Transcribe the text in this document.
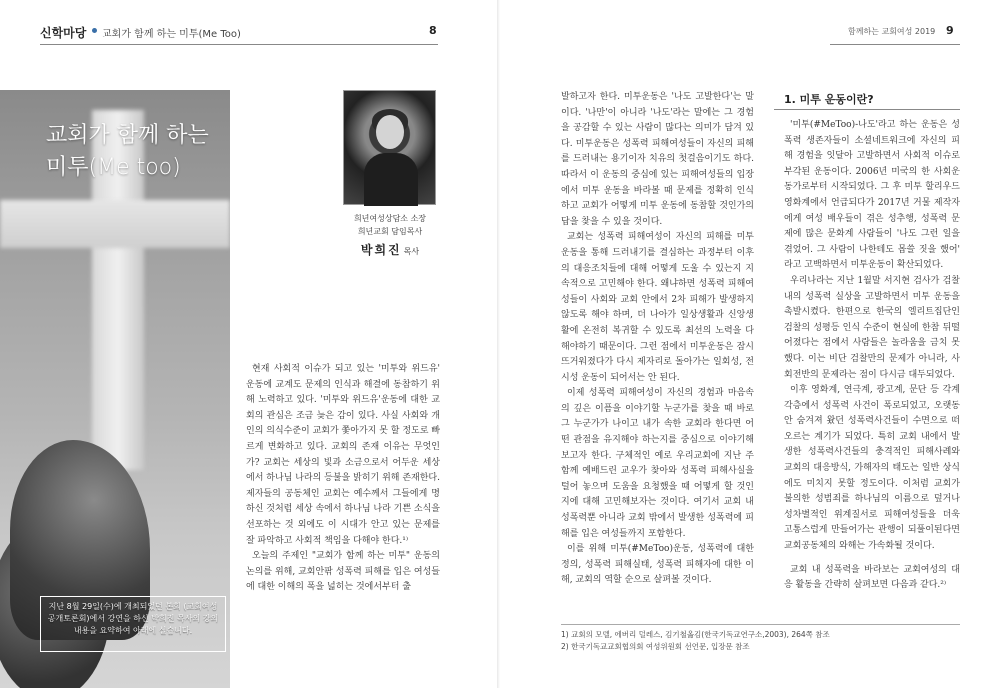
신학마당 교회가 함께 하는 미투(Me Too)	8
교회가 함께 하는
미투(Me too)
지난 8월 29일(수)에 개최되었던 본회 (교회여성공개토론회)에서 강연을 하신 박희진 목사의 강의 내용을 요약하여 아래에 실습니다.
희년여성상담소 소장
희년교회 담임목사
박희진 목사

현재 사회적 이슈가 되고 있는 '미투와 위드유' 운동에 교계도 문제의 인식과 해결에 동참하기 위해 노력하고 있다. '미투와 위드유'운동에 대한 교회의 관심은 조금 늦은 감이 있다. 사실 사회와 개인의 의식수준이 교회가 쫓아가지 못 할 정도로 빠르게 변화하고 있다. 교회의 존재 이유는 무엇인가? 교회는 세상의 빛과 소금으로서 어두운 세상에서 하나님 나라의 등불을 밝히기 위해 존재한다. 제자들의 공동체인 교회는 예수께서 그들에게 명하신 것처럼 세상 속에서 하나님 나라 기쁜 소식을 선포하는 것 외에도 이 시대가 안고 있는 문제를 잘 파악하고 사회적 책임을 다해야 한다.¹⁾

오늘의 주제인 "교회가 함께 하는 미투" 운동의 논의를 위해, 교회안팎 성폭력 피해를 입은 여성들에 대한 이해의 폭을 넓히는 것에서부터 출

함께하는 교회여성 2019 9

발하고자 한다. 미투운동은 '나도 고발한다'는 말이다. '나만'이 아니라 '나도'라는 말에는 그 경험을 공감할 수 있는 사람이 많다는 의미가 담겨 있다. 미투운동은 성폭력 피해여성들이 자신의 피해를 드러내는 용기이자 치유의 첫걸음이기도 하다. 따라서 이 운동의 중심에 있는 피해여성들의 입장에서 미투 운동을 바라볼 때 문제를 정확히 인식하고 교회가 어떻게 미투 운동에 동참할 것인가의 답을 찾을 수 있을 것이다.

교회는 성폭력 피해여성이 자신의 피해를 미투운동을 통해 드러내기를 결심하는 과정부터 이후의 대응조치들에 대해 어떻게 도울 수 있는지 지속적으로 고민해야 한다. 왜냐하면 성폭력 피해여성들이 사회와 교회 안에서 2차 피해가 발생하지 않도록 해야 하며, 더 나아가 일상생활과 신앙생활에 온전히 복귀할 수 있도록 최선의 노력을 다해야하기 때문이다. 그런 점에서 미투운동은 잠시 뜨거워졌다가 다시 제자리로 돌아가는 일회성, 전시성 운동이 되어서는 안 된다.

이제 성폭력 피해여성이 자신의 경험과 마음속의 깊은 이픔을 이야기할 누군가를 찾을 때 바로 그 누군가가 나이고 내가 속한 교회라 한다면 어떤 관점을 유지해야 하는지를 중심으로 이야기해보고자 한다. 구체적인 예로 우리교회에 지난 주 함께 예배드린 교우가 찾아와 성폭력 피해사실을 털어 놓으며 도움을 요청했을 때 어떻게 할 것인지에 대해 고민해보자는 것이다. 여기서 교회 내 성폭력뿐 아니라 교회 밖에서 발생한 성폭력에 피해를 입은 여성들까지 포함한다.

이를 위해 미투(#MeToo)운동, 성폭력에 대한 정의, 성폭력 피해실태, 성폭력 피해자에 대한 이해, 교회의 역할 순으로 살펴볼 것이다.

1. 미투 운동이란?

'미투(#MeToo)-나도'라고 하는 운동은 성폭력 생존자들이 소셜네트워크에 자신의 피해 경험을 잇달아 고발하면서 사회적 이슈로 부각된 운동이다. 2006년 미국의 한 사회운동가로부터 시작되었다. 그 후 미투 할리우드 영화계에서 언급되다가 2017년 거물 제작자에게 여성 배우들이 겪은 성추행, 성폭력 문제에 많은 문화계 사람들이 '나도 그런 일을 겪었어. 그 사람이 나한테도 몹쓸 짓을 했어' 라고 고백하면서 미투운동이 확산되었다.

우리나라는 지난 1월말 서지현 검사가 검찰 내의 성폭력 실상을 고발하면서 미투 운동을 촉발시켰다. 한편으로 한국의 엘리트집단인 검찰의 성평등 인식 수준이 현실에 한참 뒤떨어졌다는 점에서 사람들은 놀라움을 금치 못했다. 이는 비단 검찰만의 문제가 아니라, 사회전반의 문제라는 점이 다시금 대두되었다.

이후 영화계, 연극계, 광고계, 문단 등 각계 각층에서 성폭력 사건이 폭로되었고, 오랫동안 숨겨져 왔던 성폭력사건들이 수면으로 떠오르는 계기가 되었다. 특히 교회 내에서 발생한 성폭력사건들의 충격적인 피해사례와 교회의 대응방식, 가해자의 태도는 일반 상식에도 미치지 못할 정도이다. 이처럼 교회가 불의한 성범죄를 하나님의 이름으로 덮거나 성차별적인 위계질서로 피해여성들을 더욱 고통스럽게 만들어가는 관행이 되풀이된다면 교회공동체의 와해는 가속화될 것이다.

교회 내 성폭력을 바라보는 교회여성의 대응 활동을 간략히 살펴보면 다음과 같다.²⁾

1) 교회의 모델, 에버리 덜레스, 김기철옮김(한국기독교연구소,2003), 264쪽 참조
2) 한국기독교교회협의회 여성위원회 선언문, 입장문 참조
